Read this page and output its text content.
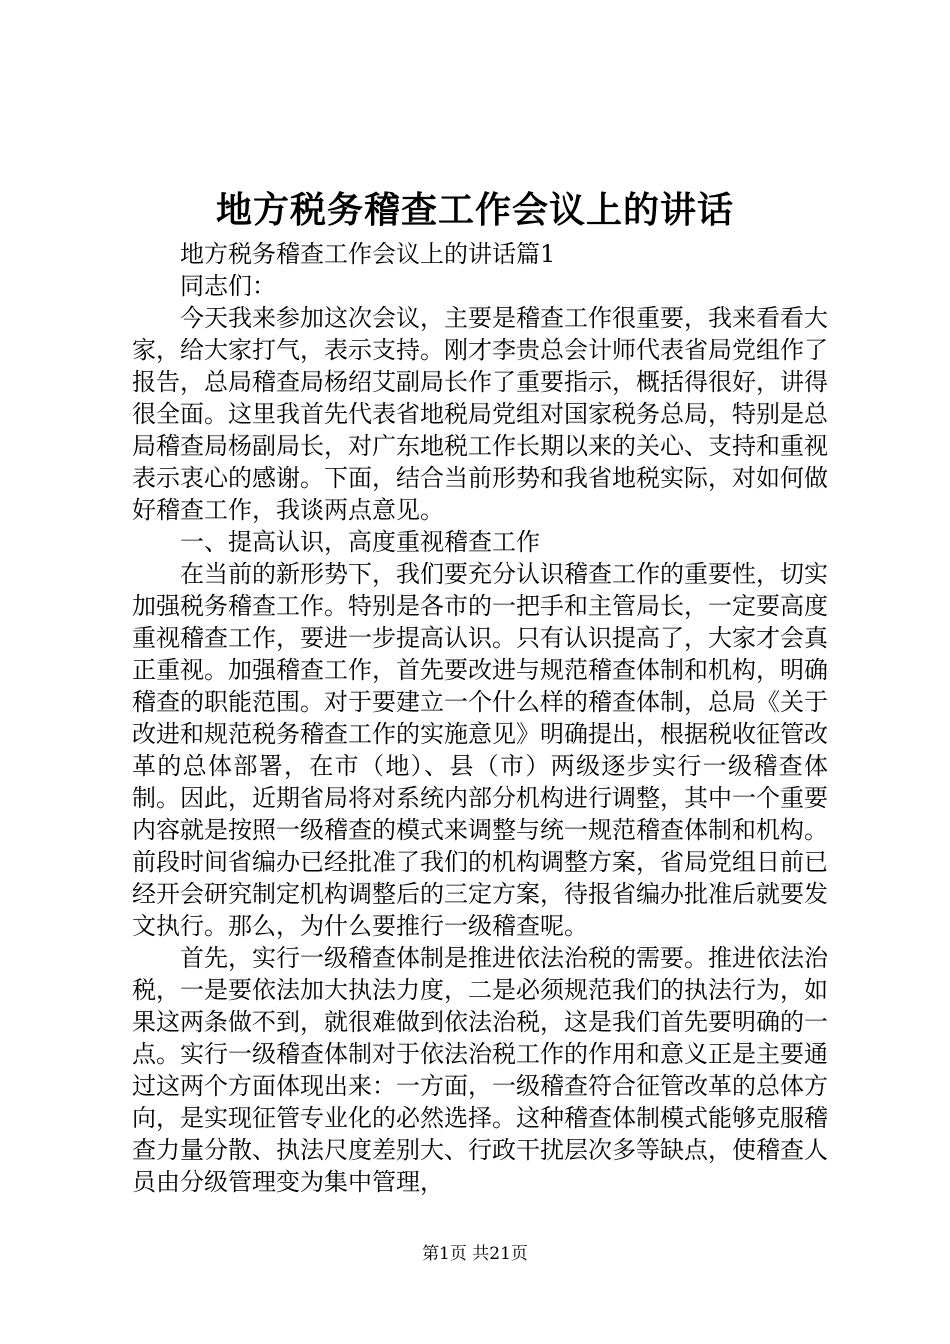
地方税务稽查工作会议上的讲话

地方税务稽查工作会议上的讲话篇1

同志们：

今天我来参加这次会议，主要是稽查工作很重要，我来看看大家，给大家打气，表示支持。刚才李贵总会计师代表省局党组作了报告，总局稽查局杨绍艾副局长作了重要指示，概括得很好，讲得很全面。这里我首先代表省地税局党组对国家税务总局，特别是总局稽查局杨副局长，对广东地税工作长期以来的关心、支持和重视表示衷心的感谢。下面，结合当前形势和我省地税实际，对如何做好稽查工作，我谈两点意见。

一、提高认识，高度重视稽查工作

在当前的新形势下，我们要充分认识稽查工作的重要性，切实加强税务稽查工作。特别是各市的一把手和主管局长，一定要高度重视稽查工作，要进一步提高认识。只有认识提高了，大家才会真正重视。加强稽查工作，首先要改进与规范稽查体制和机构，明确稽查的职能范围。对于要建立一个什么样的稽查体制，总局《关于改进和规范税务稽查工作的实施意见》明确提出，根据税收征管改革的总体部署，在市（地）、县（市）两级逐步实行一级稽查体制。因此，近期省局将对系统内部分机构进行调整，其中一个重要内容就是按照一级稽查的模式来调整与统一规范稽查体制和机构。前段时间省编办已经批准了我们的机构调整方案，省局党组日前已经开会研究制定机构调整后的三定方案，待报省编办批准后就要发文执行。那么，为什么要推行一级稽查呢。

首先，实行一级稽查体制是推进依法治税的需要。推进依法治税，一是要依法加大执法力度，二是必须规范我们的执法行为，如果这两条做不到，就很难做到依法治税，这是我们首先要明确的一点。实行一级稽查体制对于依法治税工作的作用和意义正是主要通过这两个方面体现出来：一方面，一级稽查符合征管改革的总体方向，是实现征管专业化的必然选择。这种稽查体制模式能够克服稽查力量分散、执法尺度差别大、行政干扰层次多等缺点，使稽查人员由分级管理变为集中管理，

第1页 共21页
